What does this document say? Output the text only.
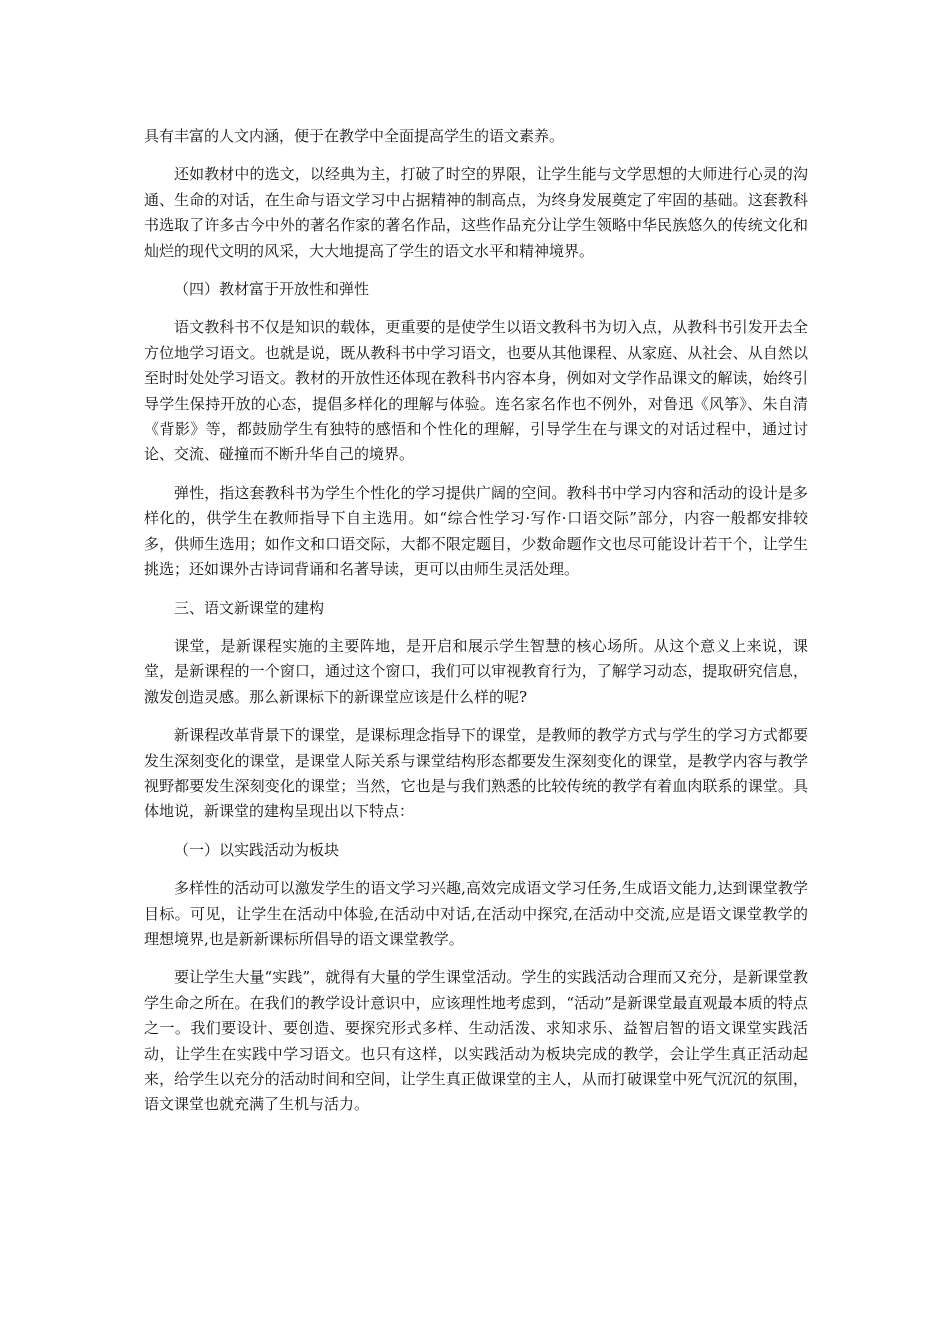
具有丰富的人文内涵，便于在教学中全面提高学生的语文素养。

还如教材中的选文，以经典为主，打破了时空的界限，让学生能与文学思想的大师进行心灵的沟通、生命的对话，在生命与语文学习中占据精神的制高点，为终身发展奠定了牢固的基础。这套教科书选取了许多古今中外的著名作家的著名作品，这些作品充分让学生领略中华民族悠久的传统文化和灿烂的现代文明的风采，大大地提高了学生的语文水平和精神境界。

（四）教材富于开放性和弹性

语文教科书不仅是知识的载体，更重要的是使学生以语文教科书为切入点，从教科书引发开去全方位地学习语文。也就是说，既从教科书中学习语文，也要从其他课程、从家庭、从社会、从自然以至时时处处学习语文。教材的开放性还体现在教科书内容本身，例如对文学作品课文的解读，始终引导学生保持开放的心态，提倡多样化的理解与体验。连名家名作也不例外，对鲁迅《风筝》、朱自清《背影》等，都鼓励学生有独特的感悟和个性化的理解，引导学生在与课文的对话过程中，通过讨论、交流、碰撞而不断升华自己的境界。

弹性，指这套教科书为学生个性化的学习提供广阔的空间。教科书中学习内容和活动的设计是多样化的，供学生在教师指导下自主选用。如“综合性学习·写作·口语交际”部分，内容一般都安排较多，供师生选用；如作文和口语交际，大都不限定题目，少数命题作文也尽可能设计若干个，让学生挑选；还如课外古诗词背诵和名著导读，更可以由师生灵活处理。

三、语文新课堂的建构

课堂，是新课程实施的主要阵地，是开启和展示学生智慧的核心场所。从这个意义上来说，课堂，是新课程的一个窗口，通过这个窗口，我们可以审视教育行为，了解学习动态，提取研究信息，激发创造灵感。那么新课标下的新课堂应该是什么样的呢?

新课程改革背景下的课堂，是课标理念指导下的课堂，是教师的教学方式与学生的学习方式都要发生深刻变化的课堂，是课堂人际关系与课堂结构形态都要发生深刻变化的课堂，是教学内容与教学视野都要发生深刻变化的课堂；当然，它也是与我们熟悉的比较传统的教学有着血肉联系的课堂。具体地说，新课堂的建构呈现出以下特点：

（一）以实践活动为板块

多样性的活动可以激发学生的语文学习兴趣,高效完成语文学习任务,生成语文能力,达到课堂教学目标。可见，让学生在活动中体验,在活动中对话,在活动中探究,在活动中交流,应是语文课堂教学的理想境界,也是新新课标所倡导的语文课堂教学。

要让学生大量“实践”，就得有大量的学生课堂活动。学生的实践活动合理而又充分，是新课堂教学生命之所在。在我们的教学设计意识中，应该理性地考虑到，“活动”是新课堂最直观最本质的特点之一。我们要设计、要创造、要探究形式多样、生动活泼、求知求乐、益智启智的语文课堂实践活动，让学生在实践中学习语文。也只有这样，以实践活动为板块完成的教学，会让学生真正活动起来，给学生以充分的活动时间和空间，让学生真正做课堂的主人，从而打破课堂中死气沉沉的氛围，语文课堂也就充满了生机与活力。
